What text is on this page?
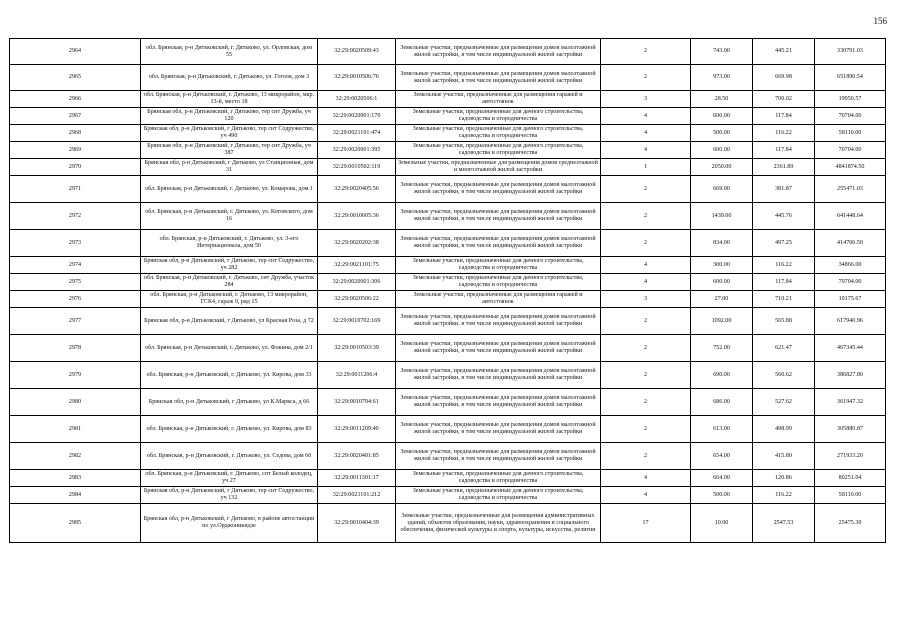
156
2964	обл. Брянская, р-н Дятьковский, г. Дятьково, ул. Орловская, дом 55	32:29:0020509:43	Земельные участки, предназначенные для размещения домов малоэтажной жилой застройки, в том числе индивидуальной жилой застройки	2	743.00	445.21	330791.03
2965	обл. Брянская, р-н Дятьковский, г. Дятьково, ул. Гоголя, дом 3	32:29:0010506:76	Земельные участки, предназначенные для размещения домов малоэтажной жилой застройки, в том числе индивидуальной жилой застройки	2	973.00	669.98	651890.54
2966	обл. Брянская, р-н Дятьковский, г. Дятьково, 13 микрорайон, мкр. 13-й, место 18	32:29:0020506:1	Земельные участки, предназначенные для размещения гаражей и автостоянок	3	28.50	700.02	19950.57
2967	Брянская обл, р-н Дятьковский, г Дятьково, тер снт Дружба, уч 120	32:29:0020901:170	Земельные участки, предназначенные для дачного строительства, садоводства и огородничества	4	600.00	117.84	70704.00
2968	Брянская обл, р-н Дятьковский, г Дятьково, тер снт Содружество, уч 490	32:29:0021101:474	Земельные участки, предназначенные для дачного строительства, садоводства и огородничества	4	500.00	116.22	58110.00
2969	Брянская обл, р-н Дятьковский, г Дятьково, тер снт Дружба, уч 387	32:29:0020901:395	Земельные участки, предназначенные для дачного строительства, садоводства и огородничества	4	600.00	117.84	70704.00
2970	Брянская обл, р-н Дятьковский, г Дятьково, ул Станционная, дом 31	32:29:0010502:119	Земельные участки, предназначенные для размещения домов среднеэтажной и многоэтажной жилой застройки	1	2050.00	2361.89	4841874.50
2971	обл. Брянская, р-н Дятьковский, г. Дятьково, ул. Комарова, дом 1	32:29:0020405:56	Земельные участки, предназначенные для размещения домов малоэтажной жилой застройки, в том числе индивидуальной жилой застройки	2	669.00	381.87	255471.03
2972	обл. Брянская, р-н Дятьковский, г. Дятьково, ул. Котовского, дом 16	32:29:0010605:36	Земельные участки, предназначенные для размещения домов малоэтажной жилой застройки, в том числе индивидуальной жилой застройки	2	1439.00	445.76	641448.64
2973	обл. Брянская, р-н Дятьковский, г. Дятьково, ул. 3-его Интернационала, дом 50	32:29:0020202:38	Земельные участки, предназначенные для размещения домов малоэтажной жилой застройки, в том числе индивидуальной жилой застройки	2	834.00	497.25	414706.50
2974	Брянская обл, р-н Дятьковский, г Дятьково, тер снт Содружество, уч 282	32:29:0021101:75	Земельные участки, предназначенные для дачного строительства, садоводства и огородничества	4	300.00	116.22	34866.00
2975	обл. Брянская, р-н Дятьковский, г. Дятьково, снт Дружба, участок 284	32:29:0020901:306	Земельные участки, предназначенные для дачного строительства, садоводства и огородничества	4	600.00	117.84	70704.00
2976	обл. Брянская, р-н Дятьковский, г. Дятьково, 13 микрорайон, ГСК4, гараж 9, ряд 15	32:29:0020506:22	Земельные участки, предназначенные для размещения гаражей и автостоянок	3	27.00	710.21	19175.67
2977	Брянская обл, р-н Дятьковский, г Дятьково, ул Красная Роза, д 72	32:29:0010702:169	Земельные участки, предназначенные для размещения домов малоэтажной жилой застройки, в том числе индивидуальной жилой застройки	2	1092.00	565.88	617940.96
2978	обл. Брянская, р-н Дятьковский, г. Дятьково, ул. Фокина, дом 2/1	32:29:0010503:39	Земельные участки, предназначенные для размещения домов малоэтажной жилой застройки, в том числе индивидуальной жилой застройки	2	752.00	621.47	467345.44
2979	обл. Брянская, р-н Дятьковский, г. Дятьково, ул. Кирова, дом 33	32:29:0011206:4	Земельные участки, предназначенные для размещения домов малоэтажной жилой застройки, в том числе индивидуальной жилой застройки	2	690.00	560.62	386827.80
2980	Брянская обл, р-н Дятьковский, г Дятьково, ул К.Маркса, д 66	32:29:0010704:61	Земельные участки, предназначенные для размещения домов малоэтажной жилой застройки, в том числе индивидуальной жилой застройки	2	686.00	527.62	361947.32
2981	обл. Брянская, р-н Дятьковский, г. Дятьково, ул. Кирова, дом 83	32:29:0011209:40	Земельные участки, предназначенные для размещения домов малоэтажной жилой застройки, в том числе индивидуальной жилой застройки	2	613.00	498.99	305880.87
2982	обл. Брянская, р-н Дятьковский, г. Дятьково, ул. Седова, дом 60	32:29:0020401:85	Земельные участки, предназначенные для размещения домов малоэтажной жилой застройки, в том числе индивидуальной жилой застройки	2	654.00	415.80	271933.20
2983	обл. Брянская, р-н Дятьковский, г. Дятьково, снт Белый колодец, уч 27	32:29:0011301:17	Земельные участки, предназначенные для дачного строительства, садоводства и огородничества	4	664.00	120.86	80251.04
2984	Брянская обл, р-н Дятьковский, г Дятьково, тер снт Содружество, уч 132	32:29:0021101:212	Земельные участки, предназначенные для дачного строительства, садоводства и огородничества	4	500.00	116.22	58110.00
2985	Брянская обл, р-н Дятьковский, г Дятьково, в районе автостанции по ул.Орджоникидзе	32:29:0010404:39	Земельные участки, предназначенные для размещения административных зданий, объектов образования, науки, здравоохранения и социального обеспечения, физической культуры и спорта, культуры, искусства, религии	17	10.00	2547.53	25475.30
